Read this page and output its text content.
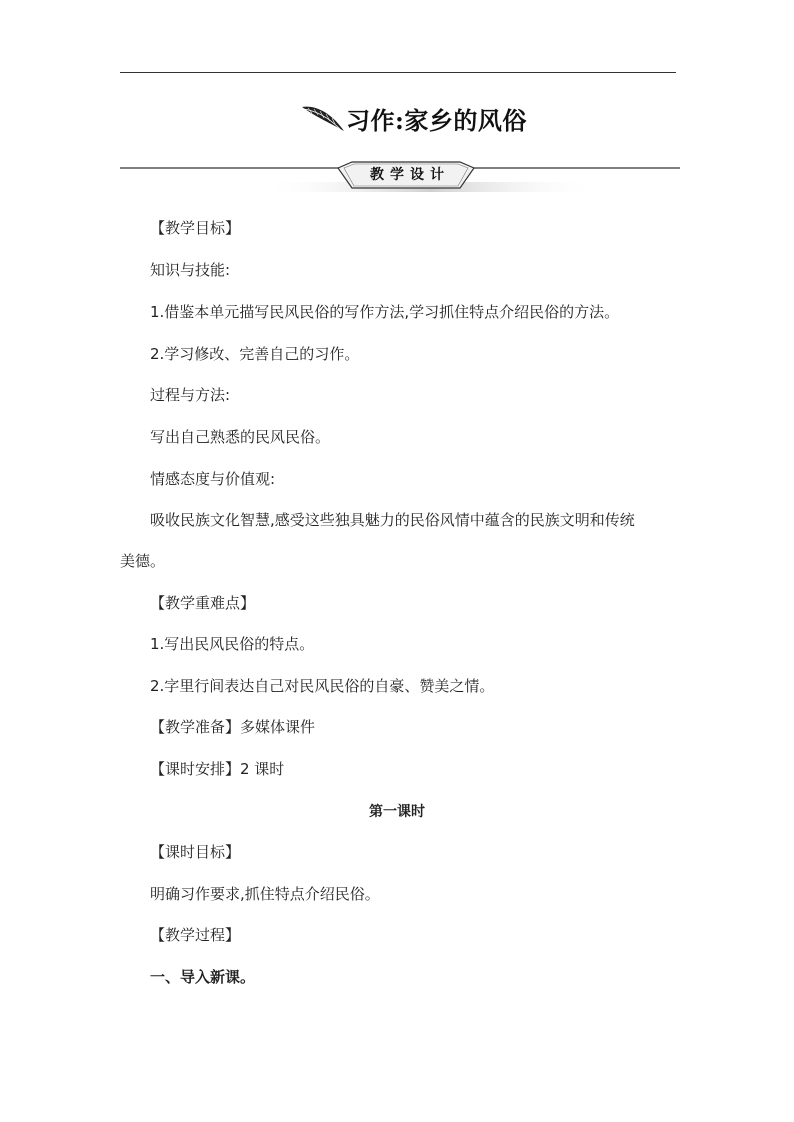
习作:家乡的风俗
教学设计
【教学目标】
知识与技能:
1.借鉴本单元描写民风民俗的写作方法,学习抓住特点介绍民俗的方法。
2.学习修改、完善自己的习作。
过程与方法:
写出自己熟悉的民风民俗。
情感态度与价值观:
吸收民族文化智慧,感受这些独具魅力的民俗风情中蕴含的民族文明和传统
美德。
【教学重难点】
1.写出民风民俗的特点。
2.字里行间表达自己对民风民俗的自豪、赞美之情。
【教学准备】多媒体课件
【课时安排】2 课时
第一课时
【课时目标】
明确习作要求,抓住特点介绍民俗。
【教学过程】
一、导入新课。
